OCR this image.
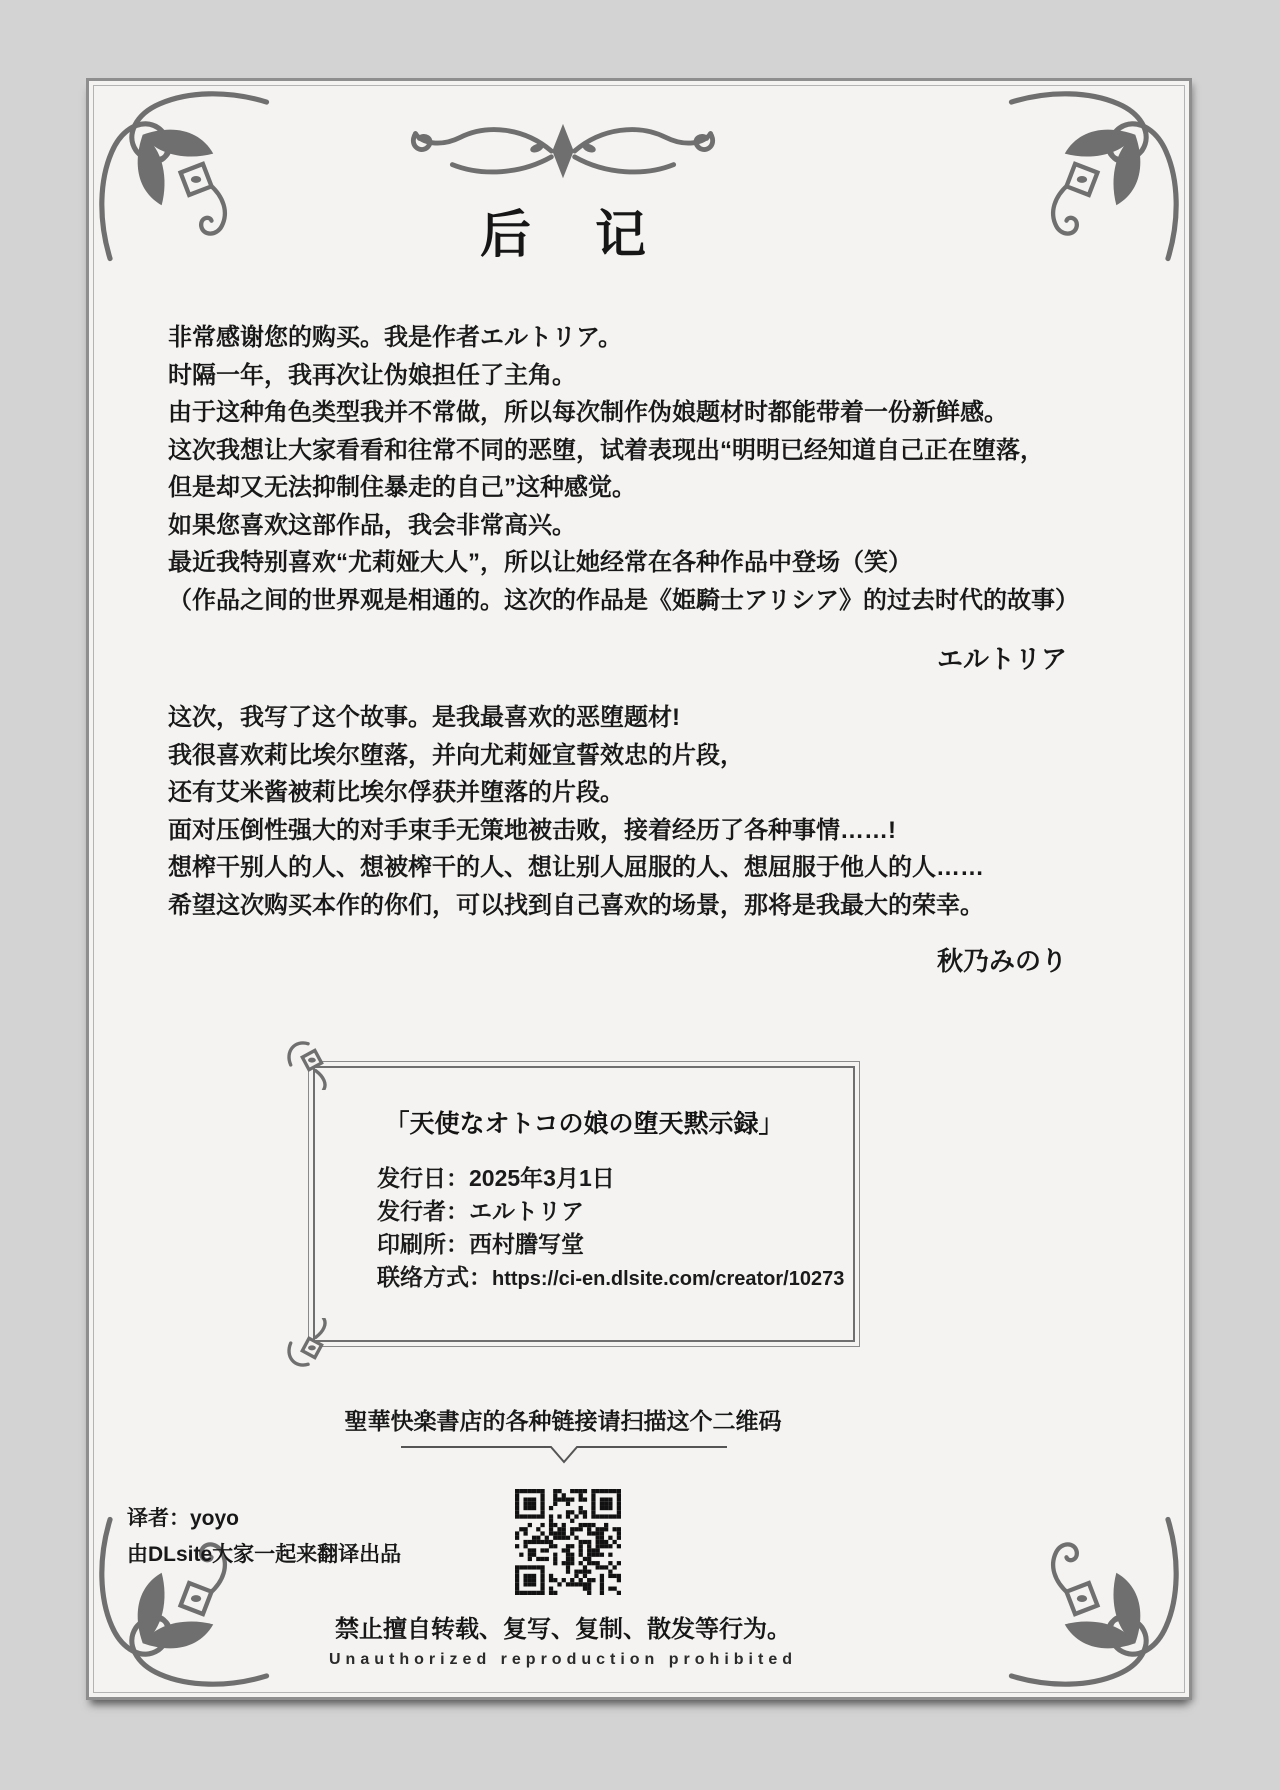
后记
非常感谢您的购买。我是作者エルトリア。
时隔一年，我再次让伪娘担任了主角。
由于这种角色类型我并不常做，所以每次制作伪娘题材时都能带着一份新鲜感。
这次我想让大家看看和往常不同的恶堕，试着表现出“明明已经知道自己正在堕落，
但是却又无法抑制住暴走的自己”这种感觉。
如果您喜欢这部作品，我会非常高兴。
最近我特别喜欢“尤莉娅大人”，所以让她经常在各种作品中登场（笑）
（作品之间的世界观是相通的。这次的作品是《姫騎士アリシア》的过去时代的故事）
エルトリア
这次，我写了这个故事。是我最喜欢的恶堕题材!
我很喜欢莉比埃尔堕落，并向尤莉娅宣誓效忠的片段，
还有艾米酱被莉比埃尔俘获并堕落的片段。
面对压倒性强大的对手束手无策地被击败，接着经历了各种事情……!
想榨干别人的人、想被榨干的人、想让别人屈服的人、想屈服于他人的人……
希望这次购买本作的你们，可以找到自己喜欢的场景，那将是我最大的荣幸。
秋乃みのり
「天使なオトコの娘の堕天黙示録」
发行日：2025年3月1日
发行者：エルトリア
印刷所：西村謄写堂
联络方式：https://ci-en.dlsite.com/creator/10273
聖華快楽書店的各种链接请扫描这个二维码
译者：yoyo
由DLsite大家一起来翻译出品
禁止擅自转载、复写、复制、散发等行为。
Unauthorized reproduction prohibited
